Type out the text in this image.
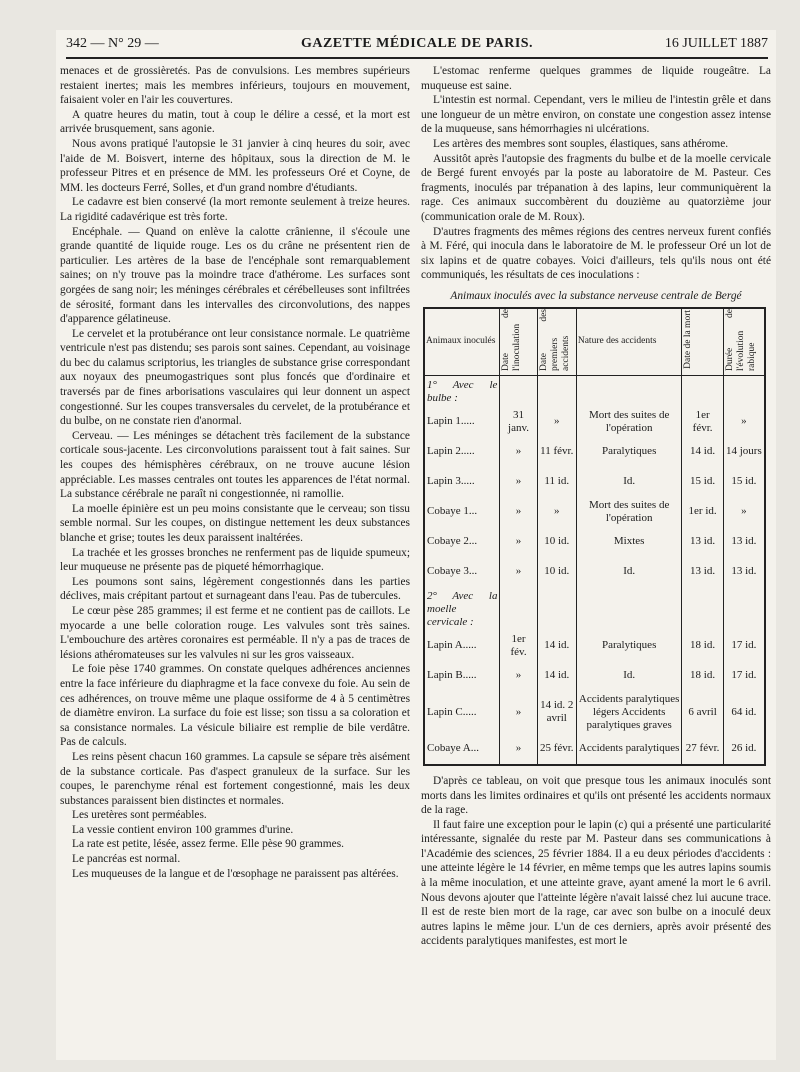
342 — N° 29 —	GAZETTE MÉDICALE DE PARIS.	16 JUILLET 1887

menaces et de grossièretés. Pas de convulsions. Les membres supérieurs restaient inertes; mais les membres inférieurs, toujours en mouvement, faisaient voler en l'air les couvertures.

A quatre heures du matin, tout à coup le délire a cessé, et la mort est arrivée brusquement, sans agonie.

Nous avons pratiqué l'autopsie le 31 janvier à cinq heures du soir, avec l'aide de M. Boisvert, interne des hôpitaux, sous la direction de M. le professeur Pitres et en présence de MM. les professeurs Oré et Coyne, de MM. les docteurs Ferré, Solles, et d'un grand nombre d'étudiants.

Le cadavre est bien conservé (la mort remonte seulement à treize heures. La rigidité cadavérique est très forte.

Encéphale. — Quand on enlève la calotte crânienne, il s'écoule une grande quantité de liquide rouge. Les os du crâne ne présentent rien de particulier. Les artères de la base de l'encéphale sont remarquablement saines; on n'y trouve pas la moindre trace d'athérome. Les surfaces sont gorgées de sang noir; les méninges cérébrales et cérébelleuses sont infiltrées de sérosité, formant dans les intervalles des circonvolutions, des nappes d'apparence gélatineuse.

Le cervelet et la protubérance ont leur consistance normale. Le quatrième ventricule n'est pas distendu; ses parois sont saines. Cependant, au voisinage du bec du calamus scriptorius, les triangles de substance grise correspondant aux noyaux des pneumogastriques sont plus foncés que d'ordinaire et traversés par de fines arborisations vasculaires qui leur donnent un aspect congestionné. Sur les coupes transversales du cervelet, de la protubérance et du bulbe, on ne constate rien d'anormal.

Cerveau. — Les méninges se détachent très facilement de la substance corticale sous-jacente. Les circonvolutions paraissent tout à fait saines. Sur les coupes des hémisphères cérébraux, on ne trouve aucune lésion appréciable. Les masses centrales ont toutes les apparences de l'état normal. La substance cérébrale ne paraît ni congestionnée, ni ramollie.

La moelle épinière est un peu moins consistante que le cerveau; son tissu semble normal. Sur les coupes, on distingue nettement les deux substances blanche et grise; toutes les deux paraissent inaltérées.

La trachée et les grosses bronches ne renferment pas de liquide spumeux; leur muqueuse ne présente pas de piqueté hémorrhagique.

Les poumons sont sains, légèrement congestionnés dans les parties déclives, mais crépitant partout et surnageant dans l'eau. Pas de tubercules.

Le cœur pèse 285 grammes; il est ferme et ne contient pas de caillots. Le myocarde a une belle coloration rouge. Les valvules sont très saines. L'embouchure des artères coronaires est perméable. Il n'y a pas de traces de lésions athéromateuses sur les valvules ni sur les gros vaisseaux.

Le foie pèse 1740 grammes. On constate quelques adhérences anciennes entre la face inférieure du diaphragme et la face convexe du foie. Au sein de ces adhérences, on trouve même une plaque ossiforme de 4 à 5 centimètres de diamètre environ. La surface du foie est lisse; son tissu a sa coloration et sa consistance normales. La vésicule biliaire est remplie de bile verdâtre. Pas de calculs.

Les reins pèsent chacun 160 grammes. La capsule se sépare très aisément de la substance corticale. Pas d'aspect granuleux de la surface. Sur les coupes, le parenchyme rénal est fortement congestionné, mais les deux substances paraissent bien distinctes et normales.

Les uretères sont perméables.

La vessie contient environ 100 grammes d'urine.

La rate est petite, lésée, assez ferme. Elle pèse 90 grammes.

Le pancréas est normal.

Les muqueuses de la langue et de l'œsophage ne paraissent pas altérées.

L'estomac renferme quelques grammes de liquide rougeâtre. La muqueuse est saine.

L'intestin est normal. Cependant, vers le milieu de l'intestin grêle et dans une longueur de un mètre environ, on constate une congestion assez intense de la muqueuse, sans hémorrhagies ni ulcérations.

Les artères des membres sont souples, élastiques, sans athérome.

Aussitôt après l'autopsie des fragments du bulbe et de la moelle cervicale de Bergé furent envoyés par la poste au laboratoire de M. Pasteur. Ces fragments, inoculés par trépanation à des lapins, leur communiquèrent la rage. Ces animaux succombèrent du douzième au quatorzième jour (communication orale de M. Roux).

D'autres fragments des mêmes régions des centres nerveux furent confiés à M. Féré, qui inocula dans le laboratoire de M. le professeur Oré un lot de six lapins et de quatre cobayes. Voici d'ailleurs, tels qu'ils nous ont été communiqués, les résultats de ces inoculations :

Animaux inoculés avec la substance nerveuse centrale de Bergé
Animaux inoculés	Date de l'inoculation	Date des premiers accidents	Nature des accidents	Date de la mort	Durée de l'évolution rabique
1° Avec le bulbe :					
Lapin 1.....	31 janv.	»	Mort des suites de l'opération	1er févr.	»
Lapin 2.....	»	11 févr.	Paralytiques	14 id.	14 jours
Lapin 3.....	»	11 id.	Id.	15 id.	15 id.
Cobaye 1...	»	»	Mort des suites de l'opération	1er id.	»
Cobaye 2...	»	10 id.	Mixtes	13 id.	13 id.
Cobaye 3...	»	10 id.	Id.	13 id.	13 id.
2° Avec la moelle cervicale :					
Lapin A.....	1er fév.	14 id.	Paralytiques	18 id.	17 id.
Lapin B.....	»	14 id.	Id.	18 id.	17 id.
Lapin C.....	»	14 id. 2 avril	Accidents paralytiques légers Accidents paralytiques graves	6 avril	64 id.
Cobaye A...	»	25 févr.	Accidents paralytiques	27 févr.	26 id.

D'après ce tableau, on voit que presque tous les animaux inoculés sont morts dans les limites ordinaires et qu'ils ont présenté les accidents normaux de la rage.

Il faut faire une exception pour le lapin (c) qui a présenté une particularité intéressante, signalée du reste par M. Pasteur dans ses communications à l'Académie des sciences, 25 février 1884. Il a eu deux périodes d'accidents : une atteinte légère le 14 février, en même temps que les autres lapins soumis à la même inoculation, et une atteinte grave, ayant amené la mort le 6 avril. Nous devons ajouter que l'atteinte légère n'avait laissé chez lui aucune trace. Il est de reste bien mort de la rage, car avec son bulbe on a inoculé deux autres lapins le même jour. L'un de ces derniers, après avoir présenté des accidents paralytiques manifestes, est mort le
